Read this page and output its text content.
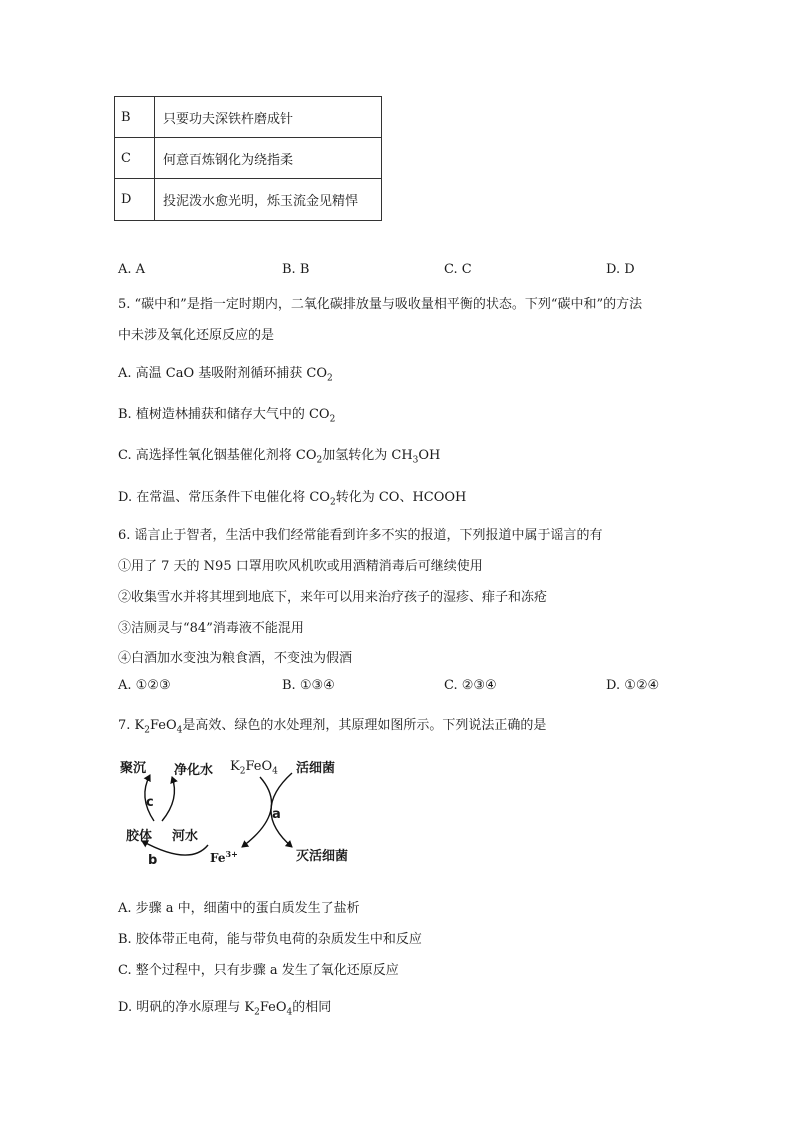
B	只要功夫深铁杵磨成针
C	何意百炼钢化为绕指柔
D	投泥泼水愈光明，烁玉流金见精悍
A. A	B. B	C. C	D. D
5. “碳中和”是指一定时期内，二氧化碳排放量与吸收量相平衡的状态。下列“碳中和”的方法
中未涉及氧化还原反应的是
A. 高温 CaO 基吸附剂循环捕获 $CO_2$
B. 植树造林捕获和储存大气中的 $CO_2$
C. 高选择性氧化铟基催化剂将 $CO_2$加氢转化为 $CH_3OH$
D. 在常温、常压条件下电催化将 $CO_2$转化为 CO、HCOOH
6. 谣言止于智者，生活中我们经常能看到许多不实的报道，下列报道中属于谣言的有
①用了 7 天的 N95 口罩用吹风机吹或用酒精消毒后可继续使用
②收集雪水并将其埋到地底下，来年可以用来治疗孩子的湿疹、痱子和冻疮
③洁厕灵与“84”消毒液不能混用
④白酒加水变浊为粮食酒，不变浊为假酒
A. ①②③	B. ①③④	C. ②③④	D. ①②④
7. $K_2FeO_4$是高效、绿色的水处理剂，其原理如图所示。下列说法正确的是
聚沉 净化水 $K_2FeO_4$ 活细菌
c
a
胶体 河水
$Fe^{3+}$	灭活细菌
b
A. 步骤 a 中，细菌中的蛋白质发生了盐析
B. 胶体带正电荷，能与带负电荷的杂质发生中和反应
C. 整个过程中，只有步骤 a 发生了氧化还原反应
D. 明矾的净水原理与 $K_2FeO_4$的相同
